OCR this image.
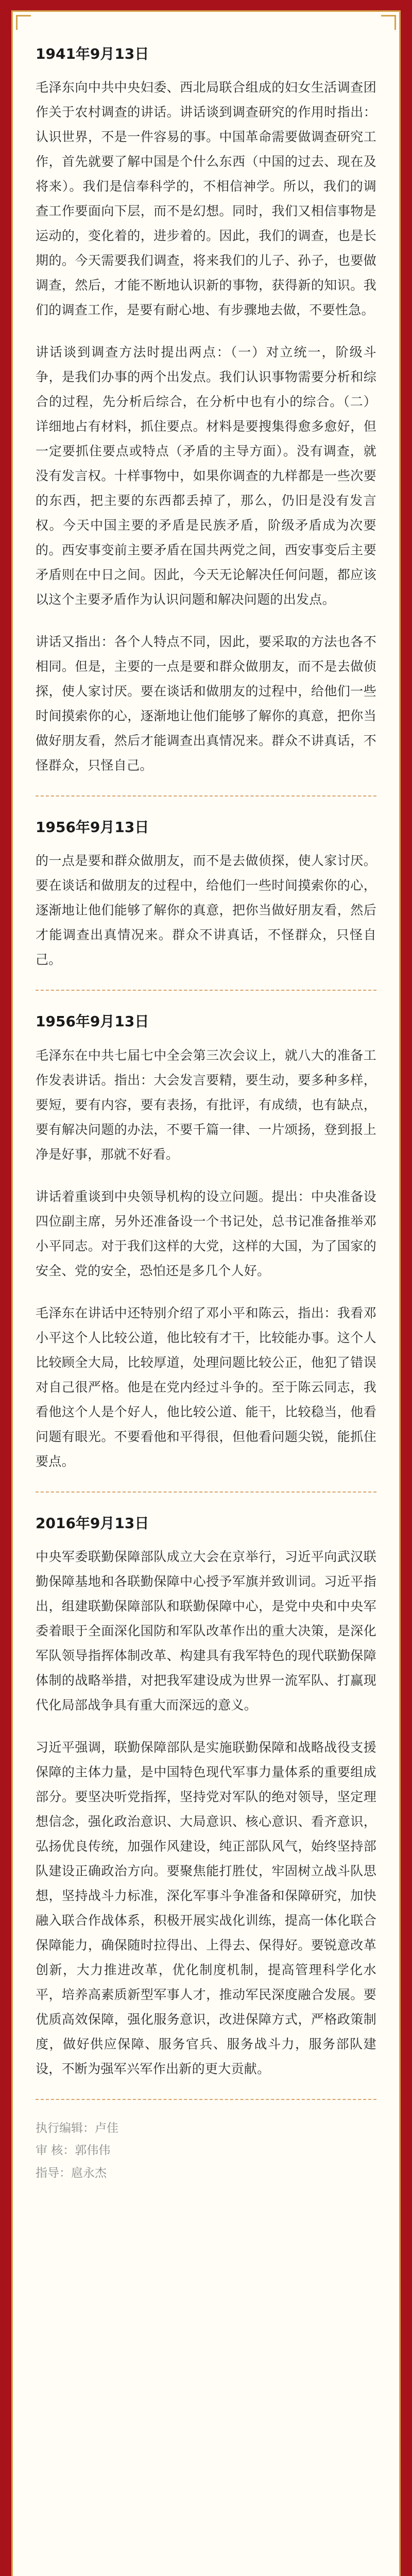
1941年9月13日

毛泽东向中共中央妇委、西北局联合组成的妇女生活调查团作关于农村调查的讲话。讲话谈到调查研究的作用时指出：认识世界，不是一件容易的事。中国革命需要做调查研究工作，首先就要了解中国是个什么东西（中国的过去、现在及将来）。我们是信奉科学的，不相信神学。所以，我们的调查工作要面向下层，而不是幻想。同时，我们又相信事物是运动的，变化着的，进步着的。因此，我们的调查，也是长期的。今天需要我们调查，将来我们的儿子、孙子，也要做调查，然后，才能不断地认识新的事物，获得新的知识。我们的调查工作，是要有耐心地、有步骤地去做，不要性急。

讲话谈到调查方法时提出两点：（一）对立统一，阶级斗争，是我们办事的两个出发点。我们认识事物需要分析和综合的过程，先分析后综合，在分析中也有小的综合。（二）详细地占有材料，抓住要点。材料是要搜集得愈多愈好，但一定要抓住要点或特点（矛盾的主导方面）。没有调查，就没有发言权。十样事物中，如果你调查的九样都是一些次要的东西，把主要的东西都丢掉了，那么，仍旧是没有发言权。今天中国主要的矛盾是民族矛盾，阶级矛盾成为次要的。西安事变前主要矛盾在国共两党之间，西安事变后主要矛盾则在中日之间。因此，今天无论解决任何问题，都应该以这个主要矛盾作为认识问题和解决问题的出发点。

讲话又指出：各个人特点不同，因此，要采取的方法也各不相同。但是，主要的一点是要和群众做朋友，而不是去做侦探，使人家讨厌。要在谈话和做朋友的过程中，给他们一些时间摸索你的心，逐渐地让他们能够了解你的真意，把你当做好朋友看，然后才能调查出真情况来。群众不讲真话，不怪群众，只怪自己。

1956年9月13日

的一点是要和群众做朋友，而不是去做侦探，使人家讨厌。要在谈话和做朋友的过程中，给他们一些时间摸索你的心，逐渐地让他们能够了解你的真意，把你当做好朋友看，然后才能调查出真情况来。群众不讲真话，不怪群众，只怪自己。

1956年9月13日

毛泽东在中共七届七中全会第三次会议上，就八大的准备工作发表讲话。指出：大会发言要精，要生动，要多种多样，要短，要有内容，要有表扬，有批评，有成绩，也有缺点，要有解决问题的办法，不要千篇一律、一片颂扬，登到报上净是好事，那就不好看。

讲话着重谈到中央领导机构的设立问题。提出：中央准备设四位副主席，另外还准备设一个书记处，总书记准备推举邓小平同志。对于我们这样的大党，这样的大国，为了国家的安全、党的安全，恐怕还是多几个人好。

毛泽东在讲话中还特别介绍了邓小平和陈云，指出：我看邓小平这个人比较公道，他比较有才干，比较能办事。这个人比较顾全大局，比较厚道，处理问题比较公正，他犯了错误对自己很严格。他是在党内经过斗争的。至于陈云同志，我看他这个人是个好人，他比较公道、能干，比较稳当，他看问题有眼光。不要看他和平得很，但他看问题尖锐，能抓住要点。

2016年9月13日

中央军委联勤保障部队成立大会在京举行，习近平向武汉联勤保障基地和各联勤保障中心授予军旗并致训词。习近平指出，组建联勤保障部队和联勤保障中心，是党中央和中央军委着眼于全面深化国防和军队改革作出的重大决策，是深化军队领导指挥体制改革、构建具有我军特色的现代联勤保障体制的战略举措，对把我军建设成为世界一流军队、打赢现代化局部战争具有重大而深远的意义。

习近平强调，联勤保障部队是实施联勤保障和战略战役支援保障的主体力量，是中国特色现代军事力量体系的重要组成部分。要坚决听党指挥，坚持党对军队的绝对领导，坚定理想信念，强化政治意识、大局意识、核心意识、看齐意识，弘扬优良传统，加强作风建设，纯正部队风气，始终坚持部队建设正确政治方向。要聚焦能打胜仗，牢固树立战斗队思想，坚持战斗力标准，深化军事斗争准备和保障研究，加快融入联合作战体系，积极开展实战化训练，提高一体化联合保障能力，确保随时拉得出、上得去、保得好。要锐意改革创新，大力推进改革，优化制度机制，提高管理科学化水平，培养高素质新型军事人才，推动军民深度融合发展。要优质高效保障，强化服务意识，改进保障方式，严格政策制度，做好供应保障、服务官兵、服务战斗力，服务部队建设，不断为强军兴军作出新的更大贡献。

执行编辑：卢佳

审 核：郭伟伟

指导：扈永杰
